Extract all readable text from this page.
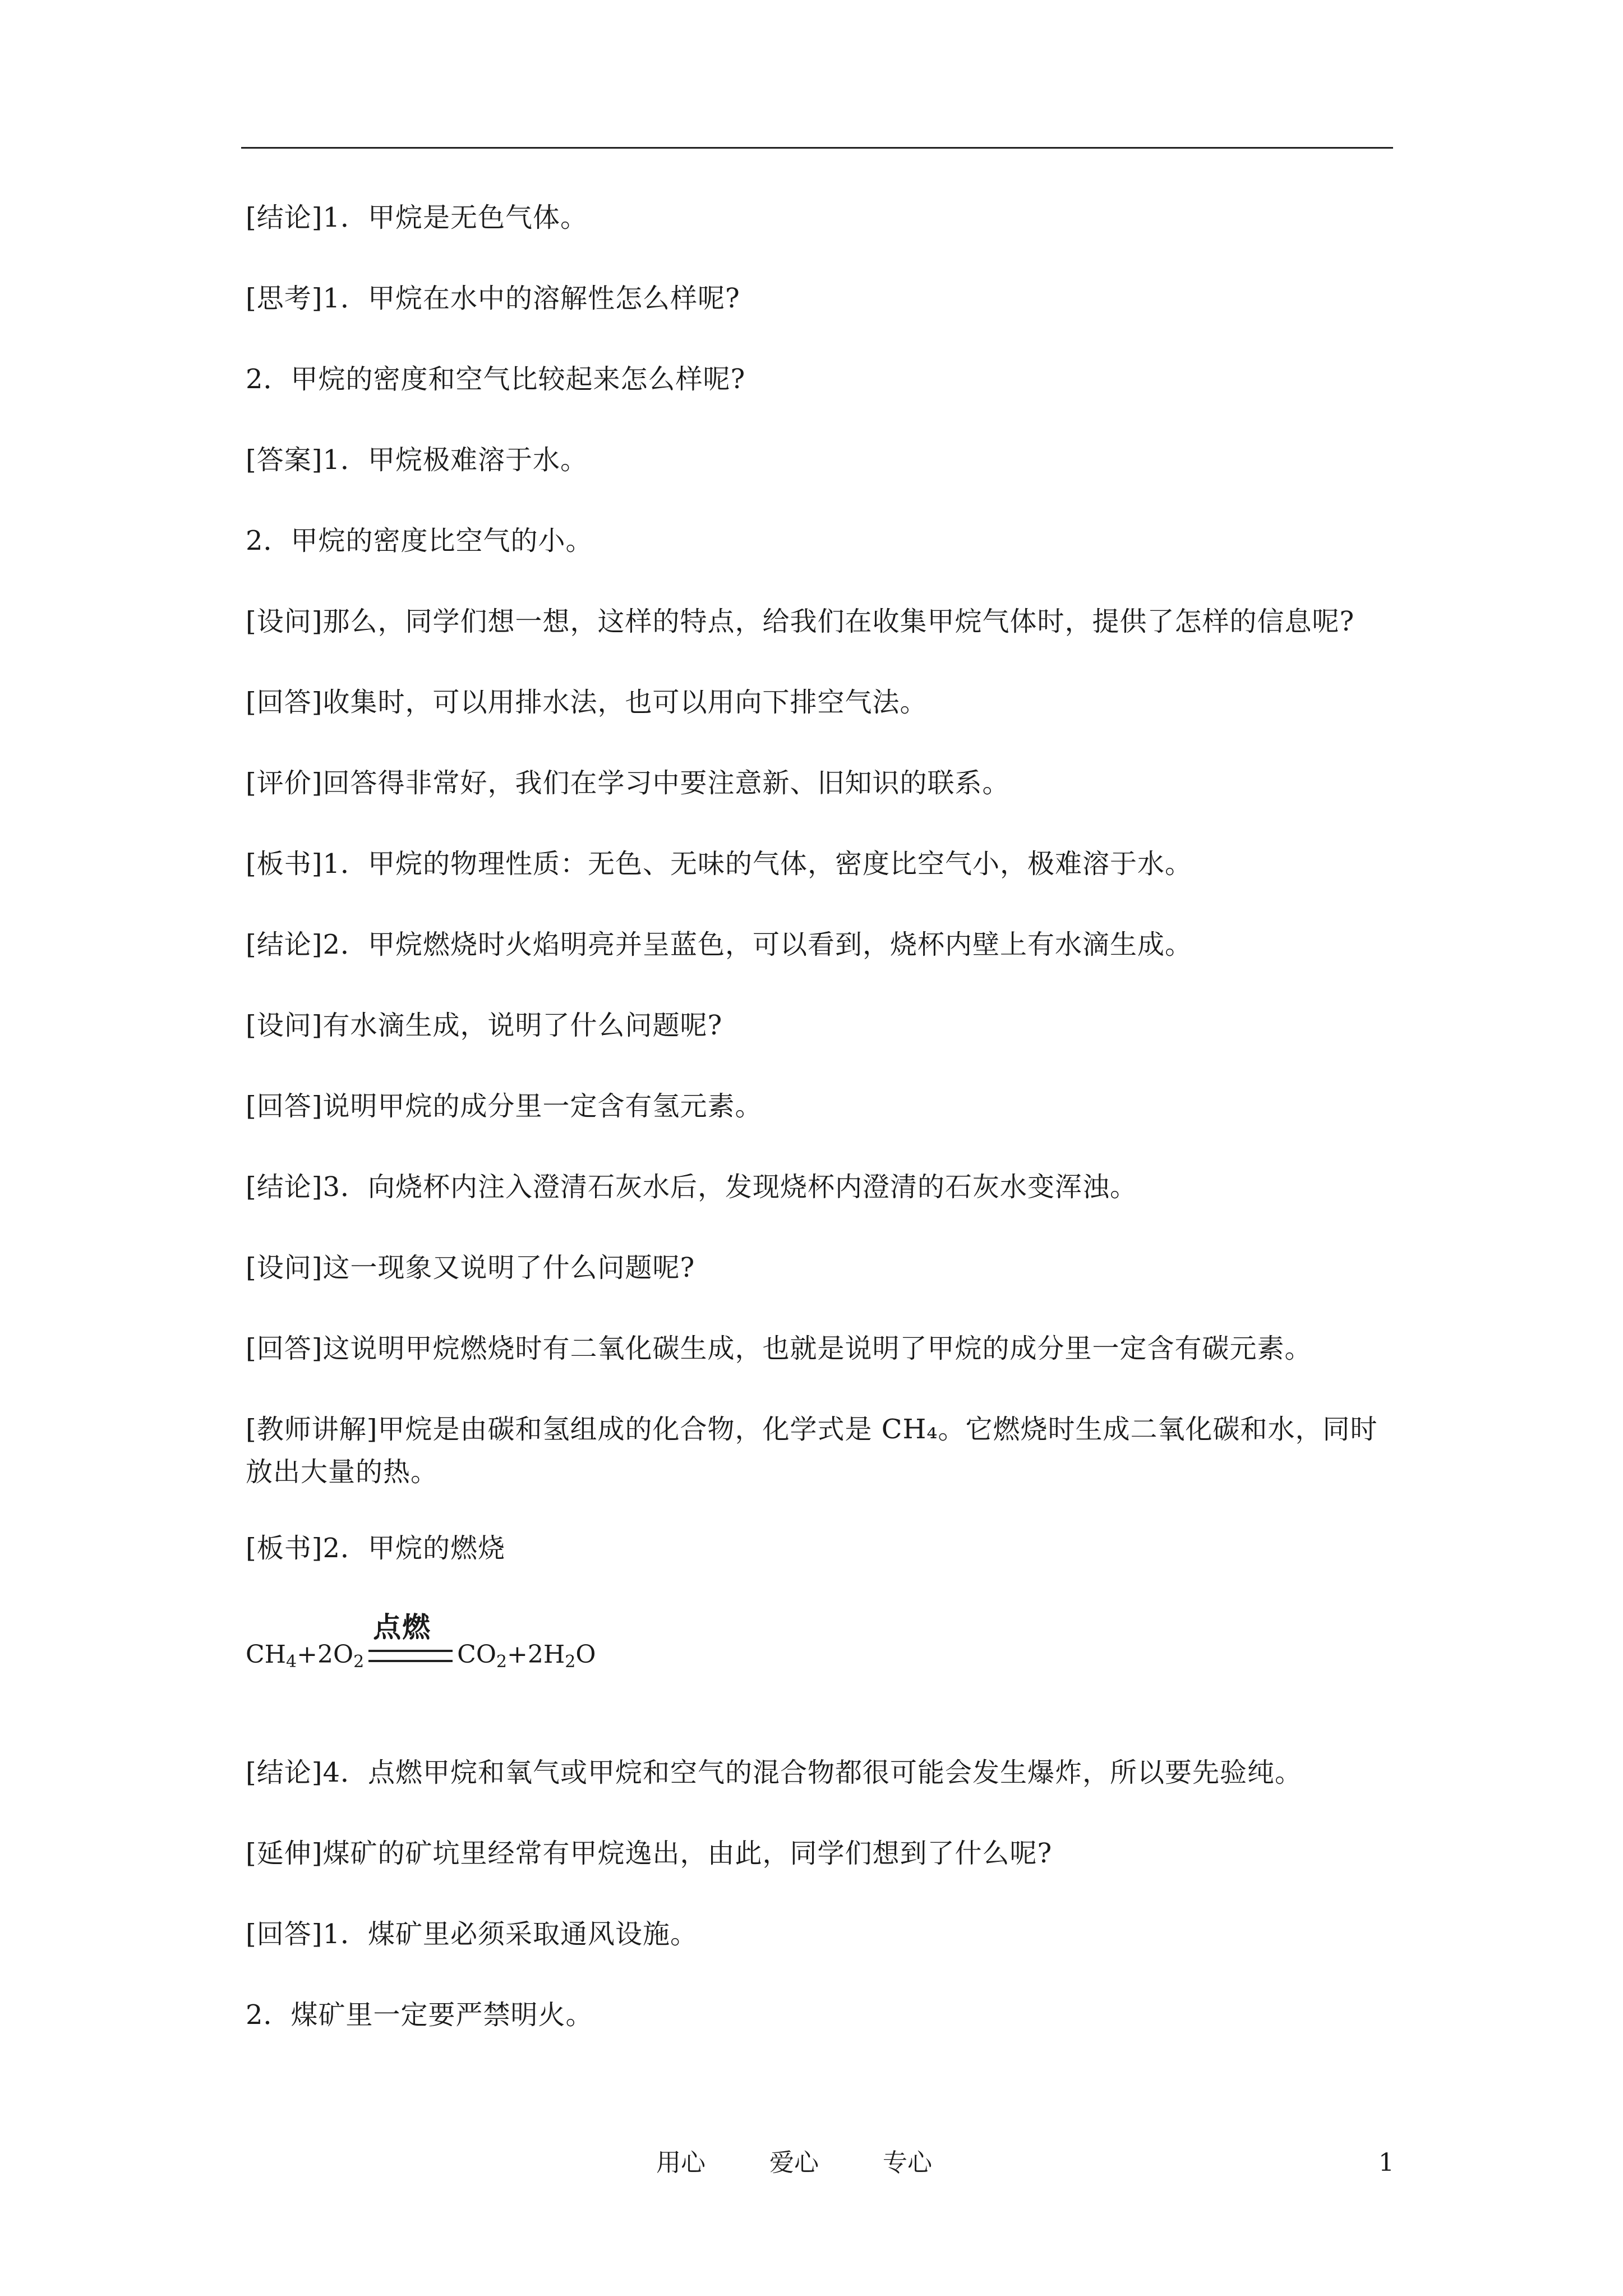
[结论]1．甲烷是无色气体。
[思考]1．甲烷在水中的溶解性怎么样呢?
2．甲烷的密度和空气比较起来怎么样呢?
[答案]1．甲烷极难溶于水。
2．甲烷的密度比空气的小。
[设问]那么，同学们想一想，这样的特点，给我们在收集甲烷气体时，提供了怎样的信息呢?
[回答]收集时，可以用排水法，也可以用向下排空气法。
[评价]回答得非常好，我们在学习中要注意新、旧知识的联系。
[板书]1．甲烷的物理性质：无色、无味的气体，密度比空气小，极难溶于水。
[结论]2．甲烷燃烧时火焰明亮并呈蓝色，可以看到，烧杯内壁上有水滴生成。
[设问]有水滴生成，说明了什么问题呢?
[回答]说明甲烷的成分里一定含有氢元素。
[结论]3．向烧杯内注入澄清石灰水后，发现烧杯内澄清的石灰水变浑浊。
[设问]这一现象又说明了什么问题呢?
[回答]这说明甲烷燃烧时有二氧化碳生成，也就是说明了甲烷的成分里一定含有碳元素。
[教师讲解]甲烷是由碳和氢组成的化合物，化学式是 CH₄。它燃烧时生成二氧化碳和水，同时放出大量的热。
[板书]2．甲烷的燃烧
$CH_4+2O_2$
点燃
$CO_2+2H_2O$
[结论]4．点燃甲烷和氧气或甲烷和空气的混合物都很可能会发生爆炸，所以要先验纯。
[延伸]煤矿的矿坑里经常有甲烷逸出，由此，同学们想到了什么呢?
[回答]1．煤矿里必须采取通风设施。
2．煤矿里一定要严禁明火。
用心	爱心	专心	1
